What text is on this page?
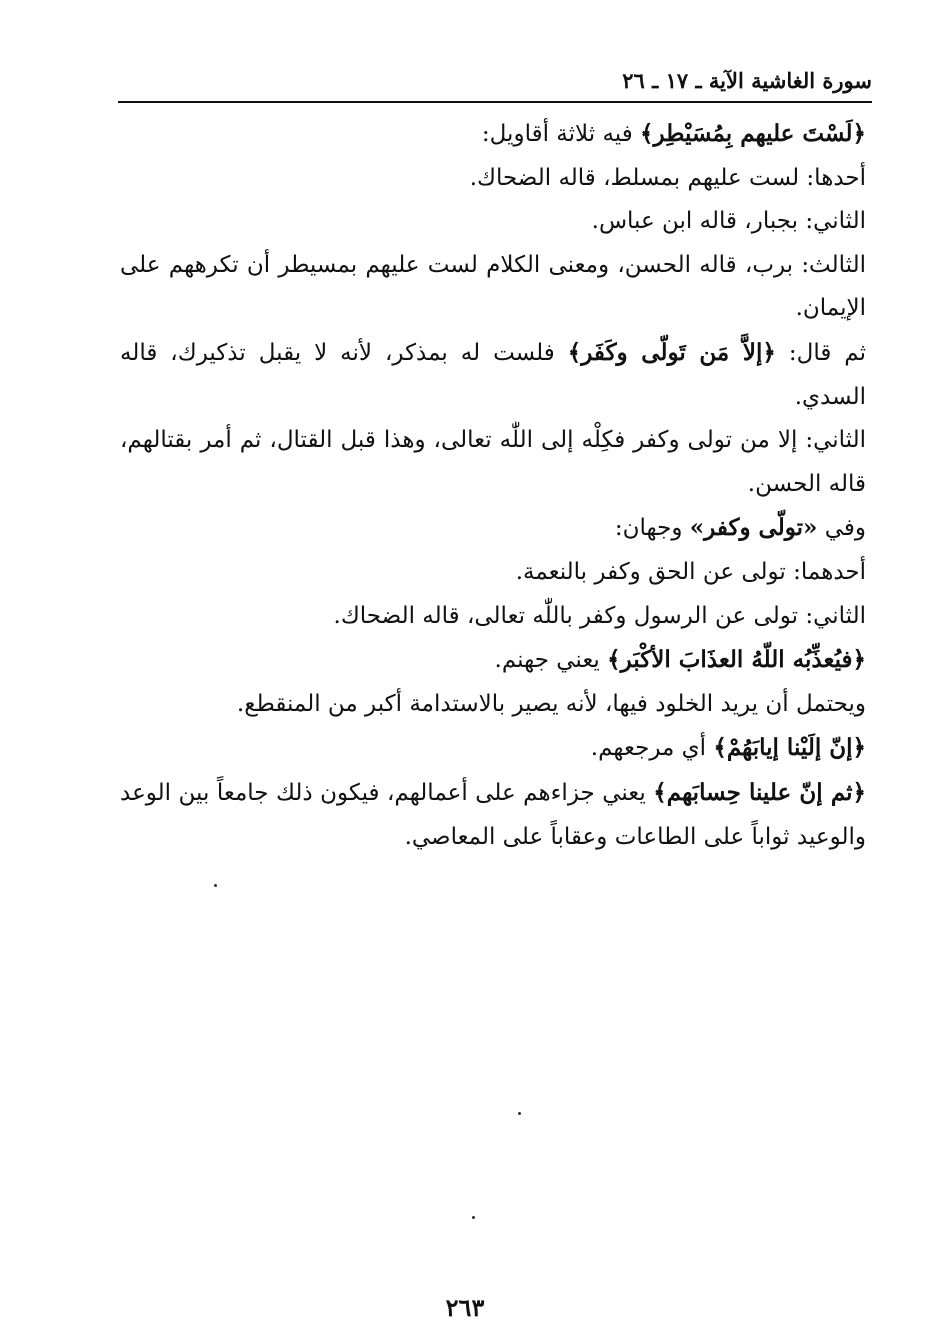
سورة الغاشية الآية ـ ١٧ ـ ٢٦

﴿لَسْتَ عليهم بِمُسَيْطِر﴾ فيه ثلاثة أقاويل:

أحدها: لست عليهم بمسلط، قاله الضحاك.

الثاني: بجبار، قاله ابن عباس.

الثالث: برب، قاله الحسن، ومعنى الكلام لست عليهم بمسيطر أن تكرههم على الإيمان.

ثم قال: ﴿إلاَّ مَن تَولّى وكَفَر﴾ فلست له بمذكر، لأنه لا يقبل تذكيرك، قاله السدي.

الثاني: إلا من تولى وكفر فكِلْه إلى اللّٰه تعالى، وهذا قبل القتال، ثم أمر بقتالهم، قاله الحسن.

وفي «تولّى وكفر» وجهان:

أحدهما: تولى عن الحق وكفر بالنعمة.

الثاني: تولى عن الرسول وكفر باللّٰه تعالى، قاله الضحاك.

﴿فيُعذِّبُه اللّهُ العذَابَ الأكْبَر﴾ يعني جهنم.

ويحتمل أن يريد الخلود فيها، لأنه يصير بالاستدامة أكبر من المنقطع.

﴿إنّ إلَيْنا إيابَهُمْ﴾ أي مرجعهم.

﴿ثم إنّ علينا حِسابَهم﴾ يعني جزاءهم على أعمالهم، فيكون ذلك جامعاً بين الوعد والوعيد ثواباً على الطاعات وعقاباً على المعاصي.

٢٦٣
